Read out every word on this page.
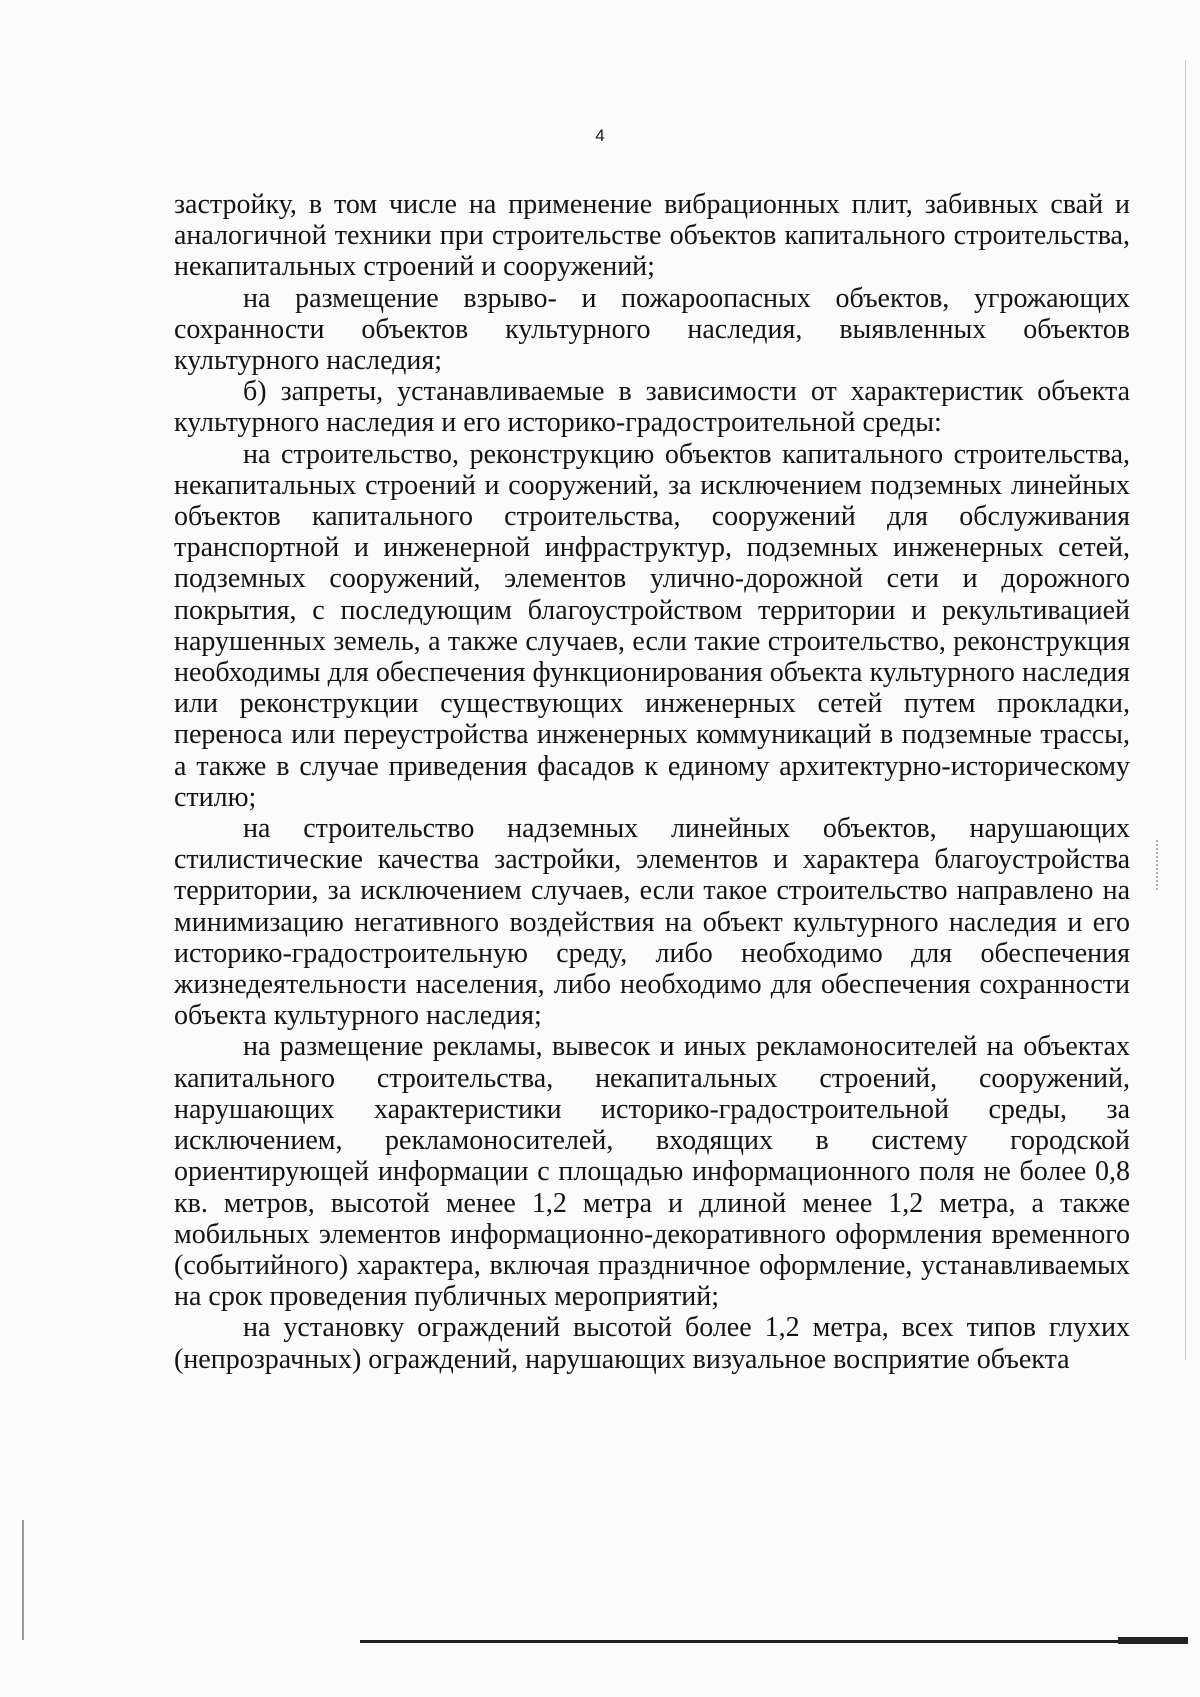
4

застройку, в том числе на применение вибрационных плит, забивных свай и аналогичной техники при строительстве объектов капитального строительства, некапитальных строений и сооружений;

на размещение взрыво- и пожароопасных объектов, угрожающих сохранности объектов культурного наследия, выявленных объектов культурного наследия;

б) запреты, устанавливаемые в зависимости от характеристик объекта культурного наследия и его историко-градостроительной среды:

на строительство, реконструкцию объектов капитального строительства, некапитальных строений и сооружений, за исключением подземных линейных объектов капитального строительства, сооружений для обслуживания транспортной и инженерной инфраструктур, подземных инженерных сетей, подземных сооружений, элементов улично-дорожной сети и дорожного покрытия, с последующим благоустройством территории и рекультивацией нарушенных земель, а также случаев, если такие строительство, реконструкция необходимы для обеспечения функционирования объекта культурного наследия или реконструкции существующих инженерных сетей путем прокладки, переноса или переустройства инженерных коммуникаций в подземные трассы, а также в случае приведения фасадов к единому архитектурно-историческому стилю;

на строительство надземных линейных объектов, нарушающих стилистические качества застройки, элементов и характера благоустройства территории, за исключением случаев, если такое строительство направлено на минимизацию негативного воздействия на объект культурного наследия и его историко-градостроительную среду, либо необходимо для обеспечения жизнедеятельности населения, либо необходимо для обеспечения сохранности объекта культурного наследия;

на размещение рекламы, вывесок и иных рекламоносителей на объектах капитального строительства, некапитальных строений, сооружений, нарушающих характеристики историко-градостроительной среды, за исключением, рекламоносителей, входящих в систему городской ориентирующей информации с площадью информационного поля не более 0,8 кв. метров, высотой менее 1,2 метра и длиной менее 1,2 метра, а также мобильных элементов информационно-декоративного оформления временного (событийного) характера, включая праздничное оформление, устанавливаемых на срок проведения публичных мероприятий;

на установку ограждений высотой более 1,2 метра, всех типов глухих (непрозрачных) ограждений, нарушающих визуальное восприятие объекта
